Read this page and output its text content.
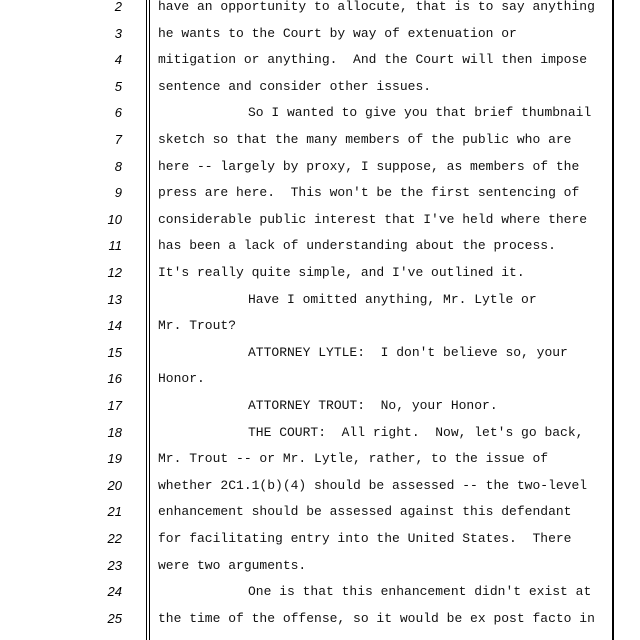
2	have an opportunity to allocute, that is to say anything
3	he wants to the Court by way of extenuation or
4	mitigation or anything.  And the Court will then impose
5	sentence and consider other issues.
6	So I wanted to give you that brief thumbnail
7	sketch so that the many members of the public who are
8	here -- largely by proxy, I suppose, as members of the
9	press are here.  This won't be the first sentencing of
10	considerable public interest that I've held where there
11	has been a lack of understanding about the process.
12	It's really quite simple, and I've outlined it.
13	Have I omitted anything, Mr. Lytle or
14	Mr. Trout?
15	ATTORNEY LYTLE:  I don't believe so, your
16	Honor.
17	ATTORNEY TROUT:  No, your Honor.
18	THE COURT:  All right.  Now, let's go back,
19	Mr. Trout -- or Mr. Lytle, rather, to the issue of
20	whether 2C1.1(b)(4) should be assessed -- the two-level
21	enhancement should be assessed against this defendant
22	for facilitating entry into the United States.  There
23	were two arguments.
24	One is that this enhancement didn't exist at
25	the time of the offense, so it would be ex post facto in
